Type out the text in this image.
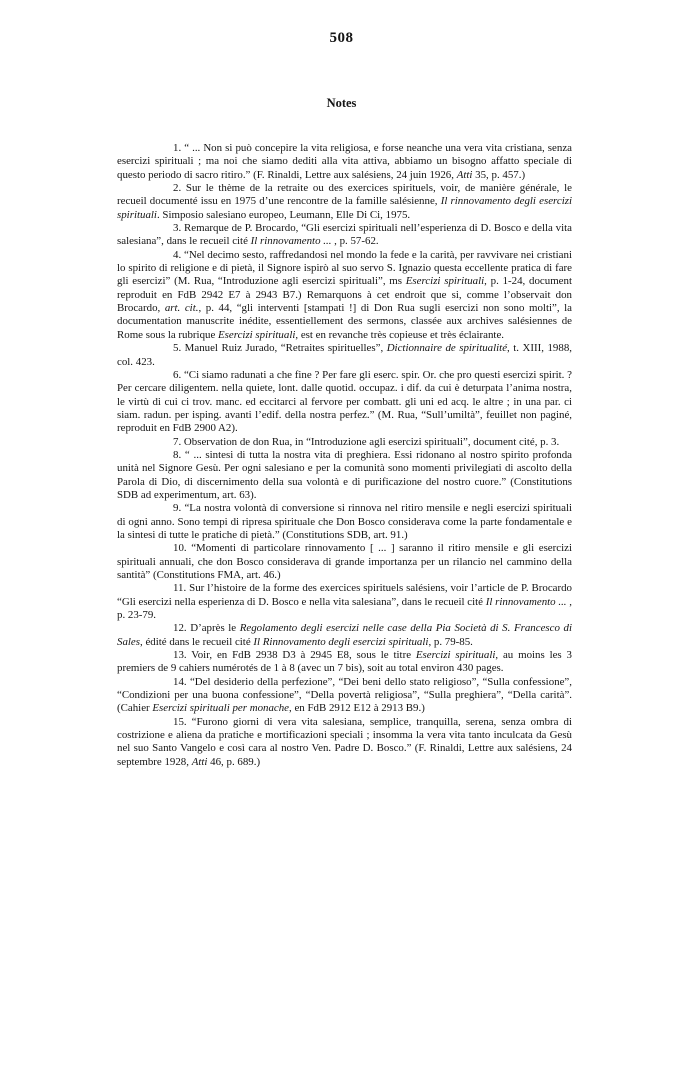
508
Notes

1. “ ... Non si può concepire la vita religiosa, e forse neanche una vera vita cristiana, senza esercizi spirituali ; ma noi che siamo dediti alla vita attiva, abbiamo un bisogno affatto speciale di questo periodo di sacro ritiro.” (F. Rinaldi, Lettre aux salésiens, 24 juin 1926, Atti 35, p. 457.)

2. Sur le thème de la retraite ou des exercices spirituels, voir, de manière générale, le recueil documenté issu en 1975 d’une rencontre de la famille salésienne, Il rinnovamento degli esercizi spirituali. Simposio salesiano europeo, Leumann, Elle Di Ci, 1975.

3. Remarque de P. Brocardo, “Gli esercizi spirituali nell’esperienza di D. Bosco e della vita salesiana”, dans le recueil cité Il rinnovamento ... , p. 57-62.

4. “Nel decimo sesto, raffredandosi nel mondo la fede e la carità, per ravvivare nei cristiani lo spirito di religione e di pietà, il Signore ispirò al suo servo S. Ignazio questa eccellente pratica di fare gli esercizi” (M. Rua, “Introduzione agli esercizi spirituali”, ms Esercizi spirituali, p. 1-24, document reproduit en FdB 2942 E7 à 2943 B7.) Remarquons à cet endroit que si, comme l’observait don Brocardo, art. cit., p. 44, “gli interventi [stampati !] di Don Rua sugli esercizi non sono molti”, la documentation manuscrite inédite, essentiellement des sermons, classée aux archives salésiennes de Rome sous la rubrique Esercizi spirituali, est en revanche très copieuse et très éclairante.

5. Manuel Ruiz Jurado, “Retraites spirituelles”, Dictionnaire de spiritualité, t. XIII, 1988, col. 423.

6. “Ci siamo radunati a che fine ? Per fare gli eserc. spir. Or. che pro questi esercizi spirit. ? Per cercare diligentem. nella quiete, lont. dalle quotid. occupaz. i dif. da cui è deturpata l’anima nostra, le virtù di cui ci trov. manc. ed eccitarci al fervore per combatt. gli uni ed acq. le altre ; in una par. ci siam. radun. per isping. avanti l’edif. della nostra perfez.” (M. Rua, “Sull’umiltà”, feuillet non paginé, reproduit en FdB 2900 A2).

7. Observation de don Rua, in “Introduzione agli esercizi spirituali”, document cité, p. 3.

8. “ ... sintesi di tutta la nostra vita di preghiera. Essi ridonano al nostro spirito profonda unità nel Signore Gesù. Per ogni salesiano e per la comunità sono momenti privilegiati di ascolto della Parola di Dio, di discernimento della sua volontà e di purificazione del nostro cuore.” (Constitutions SDB ad experimentum, art. 63).

9. “La nostra volontà di conversione si rinnova nel ritiro mensile e negli esercizi spirituali di ogni anno. Sono tempi di ripresa spirituale che Don Bosco considerava come la parte fondamentale e la sintesi di tutte le pratiche di pietà.” (Constitutions SDB, art. 91.)

10. “Momenti di particolare rinnovamento [ ... ] saranno il ritiro mensile e gli esercizi spirituali annuali, che don Bosco considerava di grande importanza per un rilancio nel cammino della santità” (Constitutions FMA, art. 46.)

11. Sur l’histoire de la forme des exercices spirituels salésiens, voir l’article de P. Brocardo “Gli esercizi nella esperienza di D. Bosco e nella vita salesiana”, dans le recueil cité Il rinnovamento ... , p. 23-79.

12. D’après le Regolamento degli esercizi nelle case della Pia Società di S. Francesco di Sales, édité dans le recueil cité Il Rinnovamento degli esercizi spirituali, p. 79-85.

13. Voir, en FdB 2938 D3 à 2945 E8, sous le titre Esercizi spirituali, au moins les 3 premiers de 9 cahiers numérotés de 1 à 8 (avec un 7 bis), soit au total environ 430 pages.

14. “Del desiderio della perfezione”, “Dei beni dello stato religioso”, “Sulla confessione”, “Condizioni per una buona confessione”, “Della povertà religiosa”, “Sulla preghiera”, “Della carità”. (Cahier Esercizi spirituali per monache, en FdB 2912 E12 à 2913 B9.)

15. “Furono giorni di vera vita salesiana, semplice, tranquilla, serena, senza ombra di costrizione e aliena da pratiche e mortificazioni speciali ; insomma la vera vita tanto inculcata da Gesù nel suo Santo Vangelo e così cara al nostro Ven. Padre D. Bosco.” (F. Rinaldi, Lettre aux salésiens, 24 septembre 1928, Atti 46, p. 689.)
